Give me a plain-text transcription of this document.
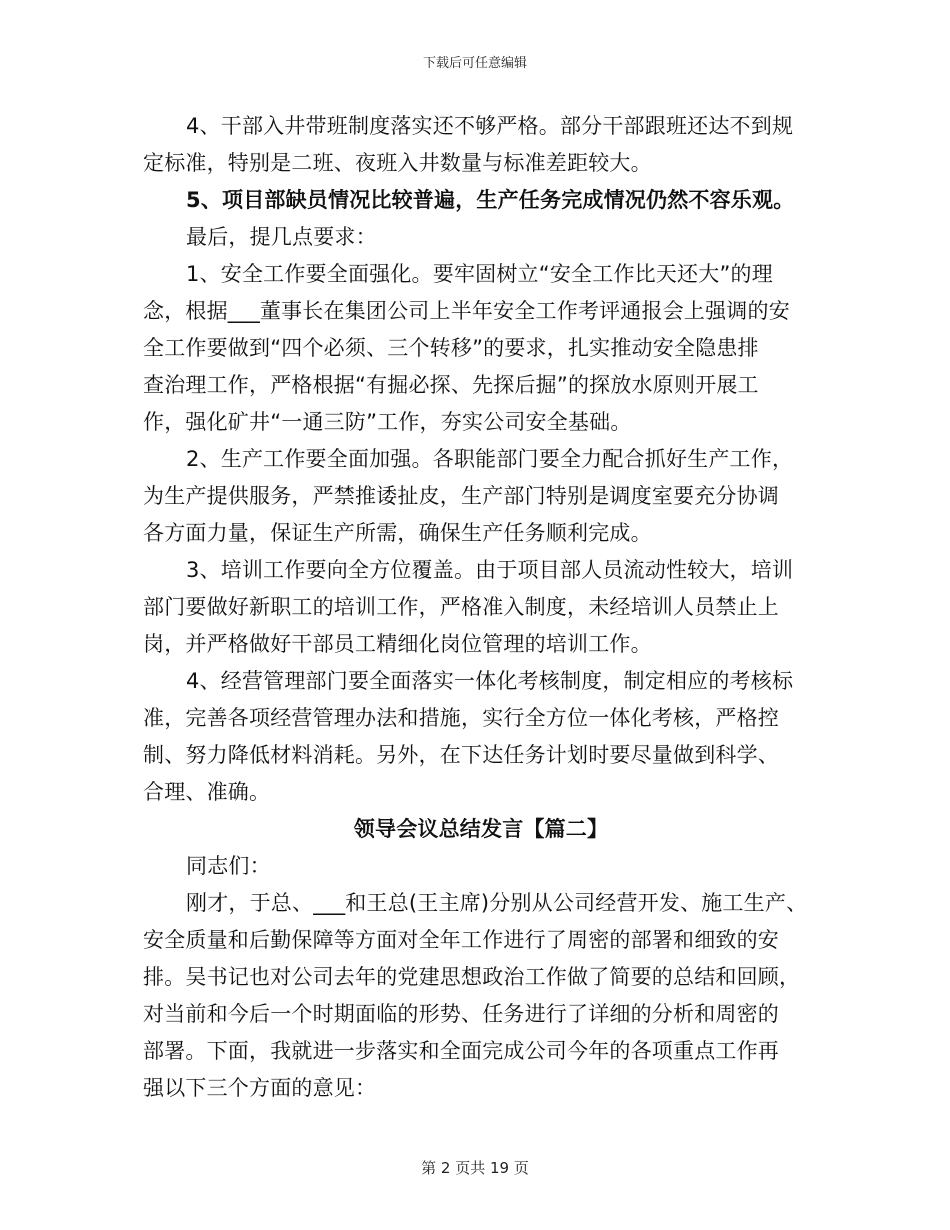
下载后可任意编辑
4、干部入井带班制度落实还不够严格。部分干部跟班还达不到规
定标准，特别是二班、夜班入井数量与标准差距较大。
5、项目部缺员情况比较普遍，生产任务完成情况仍然不容乐观。
最后，提几点要求：
1、安全工作要全面强化。要牢固树立“安全工作比天还大”的理
念，根据___董事长在集团公司上半年安全工作考评通报会上强调的安
全工作要做到“四个必须、三个转移”的要求，扎实推动安全隐患排
查治理工作，严格根据“有掘必探、先探后掘”的探放水原则开展工
作，强化矿井“一通三防”工作，夯实公司安全基础。
2、生产工作要全面加强。各职能部门要全力配合抓好生产工作，
为生产提供服务，严禁推诿扯皮，生产部门特别是调度室要充分协调
各方面力量，保证生产所需，确保生产任务顺利完成。
3、培训工作要向全方位覆盖。由于项目部人员流动性较大，培训
部门要做好新职工的培训工作，严格准入制度，未经培训人员禁止上
岗，并严格做好干部员工精细化岗位管理的培训工作。
4、经营管理部门要全面落实一体化考核制度，制定相应的考核标
准，完善各项经营管理办法和措施，实行全方位一体化考核，严格控
制、努力降低材料消耗。另外，在下达任务计划时要尽量做到科学、
合理、准确。
领导会议总结发言【篇二】
同志们：
刚才，于总、___和王总(王主席)分别从公司经营开发、施工生产、
安全质量和后勤保障等方面对全年工作进行了周密的部署和细致的安
排。吴书记也对公司去年的党建思想政治工作做了简要的总结和回顾，
对当前和今后一个时期面临的形势、任务进行了详细的分析和周密的
部署。下面，我就进一步落实和全面完成公司今年的各项重点工作再
强以下三个方面的意见：
第 2 页共 19 页
